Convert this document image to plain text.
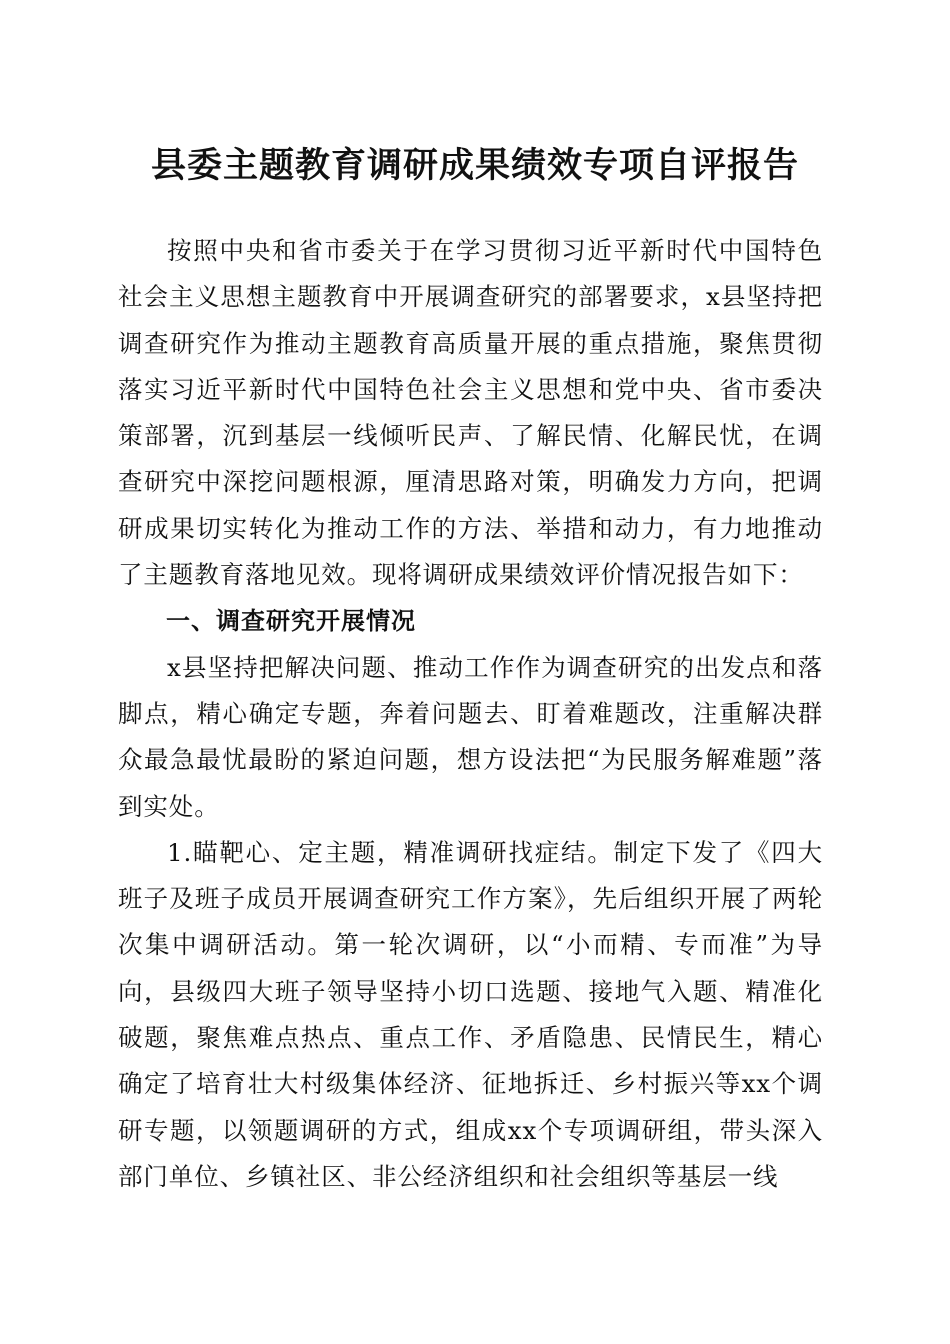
县委主题教育调研成果绩效专项自评报告

按照中央和省市委关于在学习贯彻习近平新时代中国特色社会主义思想主题教育中开展调查研究的部署要求，x县坚持把调查研究作为推动主题教育高质量开展的重点措施，聚焦贯彻落实习近平新时代中国特色社会主义思想和党中央、省市委决策部署，沉到基层一线倾听民声、了解民情、化解民忧，在调查研究中深挖问题根源，厘清思路对策，明确发力方向，把调研成果切实转化为推动工作的方法、举措和动力，有力地推动了主题教育落地见效。现将调研成果绩效评价情况报告如下：

一、调查研究开展情况

x县坚持把解决问题、推动工作作为调查研究的出发点和落脚点，精心确定专题，奔着问题去、盯着难题改，注重解决群众最急最忧最盼的紧迫问题，想方设法把“为民服务解难题”落到实处。

1.瞄靶心、定主题，精准调研找症结。制定下发了《四大班子及班子成员开展调查研究工作方案》，先后组织开展了两轮次集中调研活动。第一轮次调研，以“小而精、专而准”为导向，县级四大班子领导坚持小切口选题、接地气入题、精准化破题，聚焦难点热点、重点工作、矛盾隐患、民情民生，精心确定了培育壮大村级集体经济、征地拆迁、乡村振兴等xx个调研专题，以领题调研的方式，组成xx个专项调研组，带头深入部门单位、乡镇社区、非公经济组织和社会组织等基层一线
